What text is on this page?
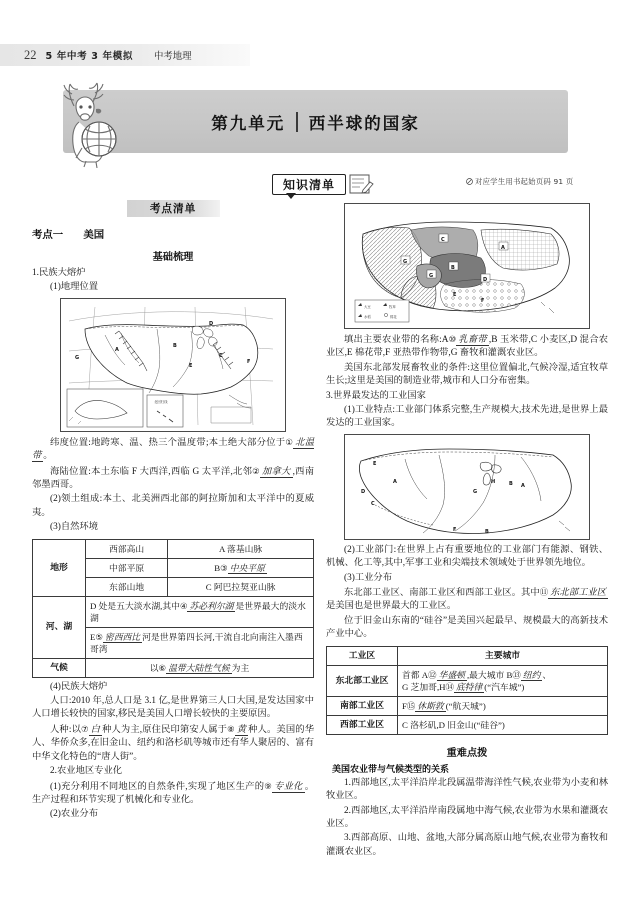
22 5 年中考 3 年模拟 中考地理
第九单元 西半球的国家
知识清单	对应学生用书起始页码 91 页
考点清单
考点一 美国
基础梳理

1.民族大熔炉

(1)地理位置

A
B
C
D
E
F
G
北回归线

纬度位置:地跨寒、温、热三个温度带;本土绝大部分位于① 北温带 。

海陆位置:本土东临 F 大西洋,西临 G 太平洋,北邻② 加拿大 ,西南邻墨西哥。

(2)领土组成:本土、北美洲西北部的阿拉斯加和太平洋中的夏威夷。

(3)自然环境

地形	西部高山	A 落基山脉
	中部平原	B③ 中央平原
	东部山地	C 阿巴拉契亚山脉
河、湖	D 处是五大淡水湖,其中④ 苏必利尔湖 是世界最大的淡水湖	
	E⑤ 密西西比 河是世界第四长河,干流自北向南注入墨西哥湾	
气候	以⑥ 温带大陆性气候 为主	

(4)民族大熔炉

人口:2010 年,总人口是 3.1 亿,是世界第三人口大国,是发达国家中人口增长较快的国家,移民是美国人口增长较快的主要原因。

人种:以⑦ 白 种人为主,原住民印第安人属于⑧ 黄 种人。美国的华人、华侨众多,在旧金山、纽约和洛杉矶等城市还有华人聚居的、富有中华文化特色的“唐人街”。

2.农业地区专业化

(1)充分利用不同地区的自然条件,实现了地区生产的⑨ 专业化 。生产过程和环节实现了机械化和专业化。

(2)农业分布

A
B
C
D
E
F
G
G
大豆	牧草
水稻	棉花

填出主要农业带的名称:A⑩ 乳畜带 ,B 玉米带,C 小麦区,D 混合农业区,E 棉花带,F 亚热带作物带,G 畜牧和灌溉农业区。

美国东北部发展畜牧业的条件:这里位置偏北,气候冷湿,适宜牧草生长;这里是美国的制造业带,城市和人口分布密集。

3.世界最发达的工业国家

(1)工业特点:工业部门体系完整,生产规模大,技术先进,是世界上最发达的工业国家。

E
D
C
A
G
H	B A
F	B

(2)工业部门:在世界上占有重要地位的工业部门有能源、钢铁、机械、化工等,其中,军事工业和尖端技术领域处于世界领先地位。

(3)工业分布

东北部工业区、南部工业区和西部工业区。其中⑪ 东北部工业区是美国也是世界最大的工业区。

位于旧金山东南的“硅谷”是美国兴起最早、规模最大的高新技术产业中心。

工业区	主要城市
东北部工业区	首都 A⑫ 华盛顿 ,最大城市 B⑬ 纽约 、
G 芝加哥,H⑭ 底特律 (“汽车城”)
南部工业区	F⑮ 休斯敦 (“航天城”)
西部工业区	C 洛杉矶,D 旧金山(“硅谷”)
重难点拨
美国农业带与气候类型的关系

1.西部地区,太平洋沿岸北段属温带海洋性气候,农业带为小麦和林牧业区。

2.西部地区,太平洋沿岸南段属地中海气候,农业带为水果和灌溉农业区。

3.西部高原、山地、盆地,大部分属高原山地气候,农业带为畜牧和灌溉农业区。
